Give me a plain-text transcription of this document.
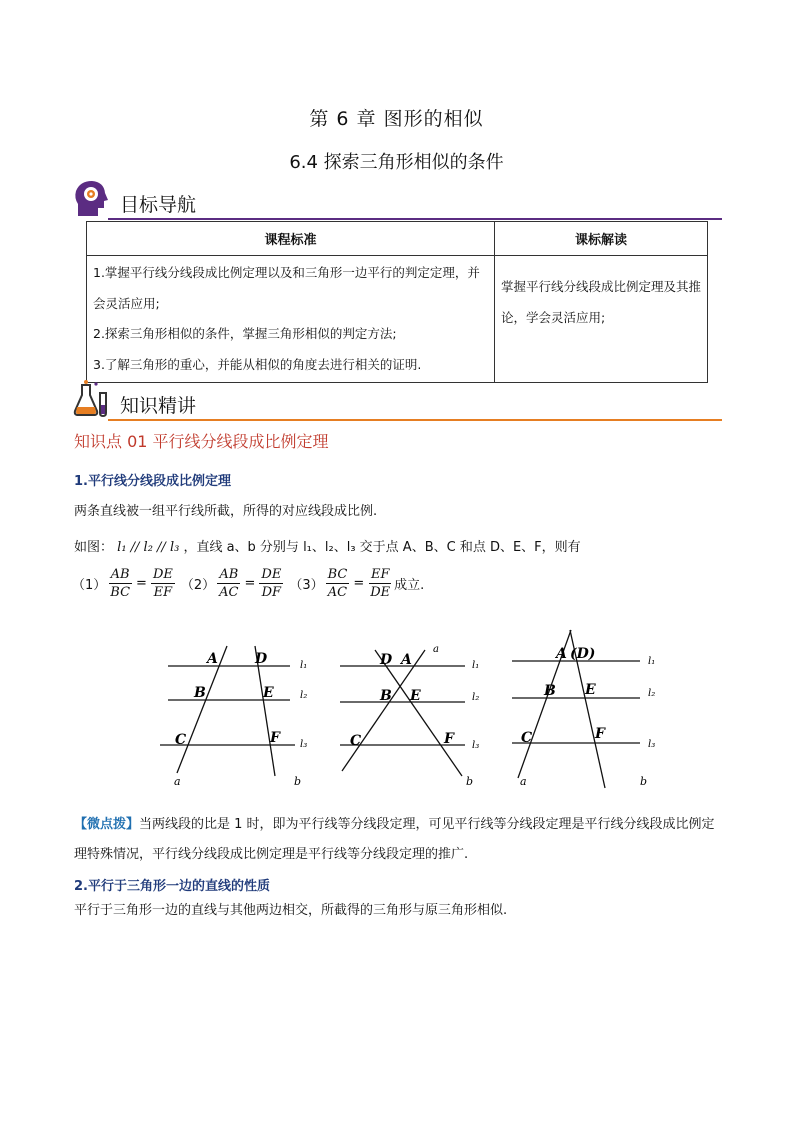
第 6 章 图形的相似
6.4 探索三角形相似的条件
目标导航
课程标准	课标解读

1.掌握平行线分线段成比例定理以及和三角形一边平行的判定定理，并会灵活应用;
2.探索三角形相似的条件，掌握三角形相似的判定方法;
3.了解三角形的重心，并能从相似的角度去进行相关的证明.	掌握平行线分线段成比例定理及其推论，学会灵活应用;
知识精讲
知识点 01 平行线分线段成比例定理
1.平行线分线段成比例定理
两条直线被一组平行线所截，所得的对应线段成比例.
如图： l₁ // l₂ // l₃ ，直线 a、b 分别与 l₁、l₂、l₃ 交于点 A、B、C 和点 D、E、F，则有
$(1) \frac{AB}{BC} = \frac{DE}{EF} (2) \frac{AB}{AC} = \frac{DE}{DF} (3) \frac{BC}{AC} = \frac{EF}{DE}$ 成立.
A	D
B	E
C	F
a	b
l₁
l₂
l₃
D A
a
B E
C	F
b
l₁
l₂
l₃
A (D)
B E
C	F
a	b
l₁
l₂
l₃
【微点拨】当两线段的比是 1 时，即为平行线等分线段定理，可见平行线等分线段定理是平行线分线段成比例定理特殊情况，平行线分线段成比例定理是平行线等分线段定理的推广.
2.平行于三角形一边的直线的性质
平行于三角形一边的直线与其他两边相交，所截得的三角形与原三角形相似.
